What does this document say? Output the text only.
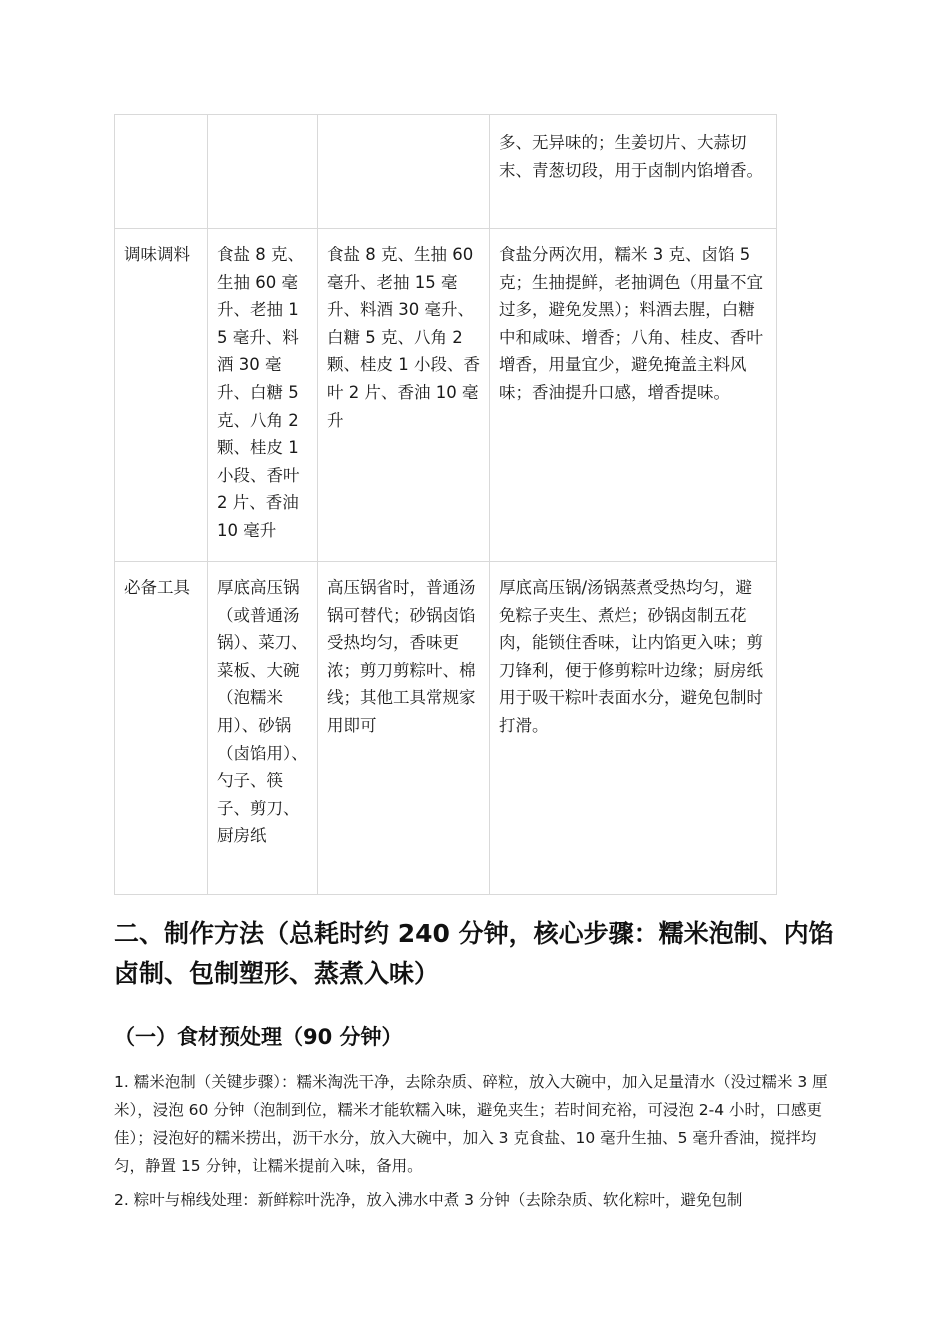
			多、无异味的；生姜切片、大蒜切末、青葱切段，用于卤制内馅增香。
调味调料	食盐 8 克、生抽 60 毫升、老抽 15 毫升、料酒 30 毫升、白糖 5 克、八角 2 颗、桂皮 1 小段、香叶 2 片、香油 10 毫升	食盐 8 克、生抽 60 毫升、老抽 15 毫升、料酒 30 毫升、白糖 5 克、八角 2 颗、桂皮 1 小段、香叶 2 片、香油 10 毫升	食盐分两次用，糯米 3 克、卤馅 5 克；生抽提鲜，老抽调色（用量不宜过多，避免发黑）；料酒去腥，白糖中和咸味、增香；八角、桂皮、香叶增香，用量宜少，避免掩盖主料风味；香油提升口感，增香提味。
必备工具	厚底高压锅（或普通汤锅）、菜刀、菜板、大碗（泡糯米用）、砂锅（卤馅用）、勺子、筷子、剪刀、厨房纸	高压锅省时，普通汤锅可替代；砂锅卤馅受热均匀，香味更浓；剪刀剪粽叶、棉线；其他工具常规家用即可	厚底高压锅/汤锅蒸煮受热均匀，避免粽子夹生、煮烂；砂锅卤制五花肉，能锁住香味，让内馅更入味；剪刀锋利，便于修剪粽叶边缘；厨房纸用于吸干粽叶表面水分，避免包制时打滑。
二、制作方法（总耗时约 240 分钟，核心步骤：糯米泡制、内馅卤制、包制塑形、蒸煮入味）
（一）食材预处理（90 分钟）
1. 糯米泡制（关键步骤）：糯米淘洗干净，去除杂质、碎粒，放入大碗中，加入足量清水（没过糯米 3 厘米），浸泡 60 分钟（泡制到位，糯米才能软糯入味，避免夹生；若时间充裕，可浸泡 2-4 小时，口感更佳）；浸泡好的糯米捞出，沥干水分，放入大碗中，加入 3 克食盐、10 毫升生抽、5 毫升香油，搅拌均匀，静置 15 分钟，让糯米提前入味，备用。
2. 粽叶与棉线处理：新鲜粽叶洗净，放入沸水中煮 3 分钟（去除杂质、软化粽叶，避免包制
